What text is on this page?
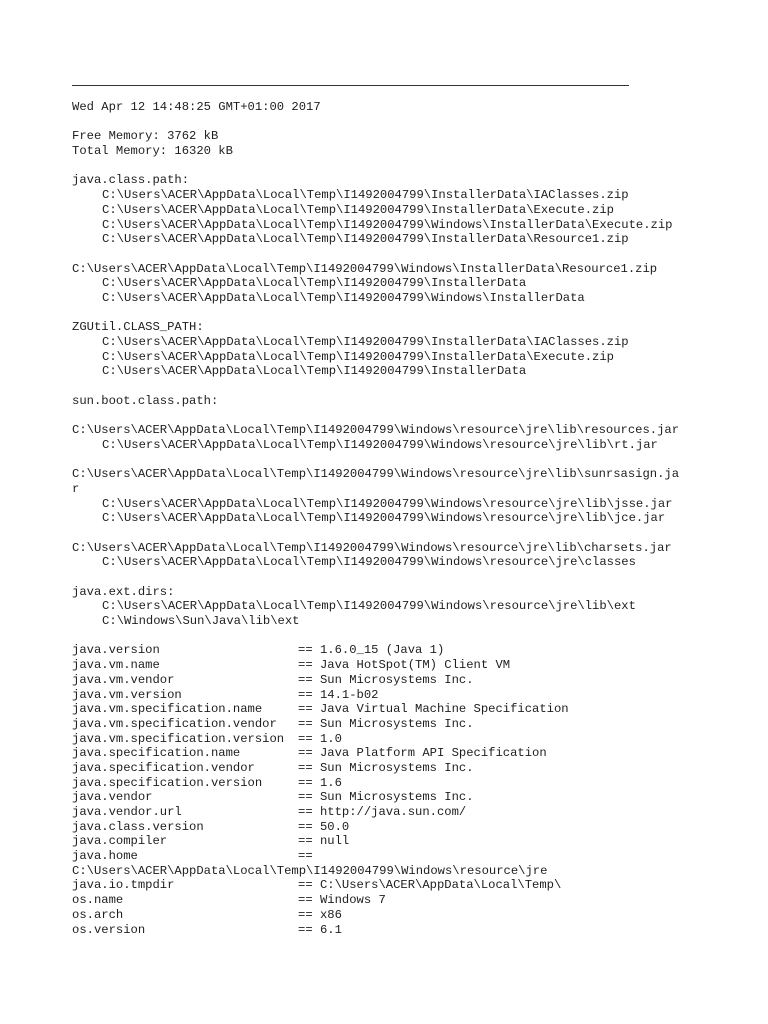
Wed Apr 12 14:48:25 GMT+01:00 2017
Free Memory: 3762 kB
Total Memory: 16320 kB
java.class.path:
C:\Users\ACER\AppData\Local\Temp\I1492004799\InstallerData\IAClasses.zip
C:\Users\ACER\AppData\Local\Temp\I1492004799\InstallerData\Execute.zip
C:\Users\ACER\AppData\Local\Temp\I1492004799\Windows\InstallerData\Execute.zip
C:\Users\ACER\AppData\Local\Temp\I1492004799\InstallerData\Resource1.zip
C:\Users\ACER\AppData\Local\Temp\I1492004799\Windows\InstallerData\Resource1.zip
C:\Users\ACER\AppData\Local\Temp\I1492004799\InstallerData
C:\Users\ACER\AppData\Local\Temp\I1492004799\Windows\InstallerData
ZGUtil.CLASS_PATH:
C:\Users\ACER\AppData\Local\Temp\I1492004799\InstallerData\IAClasses.zip
C:\Users\ACER\AppData\Local\Temp\I1492004799\InstallerData\Execute.zip
C:\Users\ACER\AppData\Local\Temp\I1492004799\InstallerData
sun.boot.class.path:
C:\Users\ACER\AppData\Local\Temp\I1492004799\Windows\resource\jre\lib\resources.jar
C:\Users\ACER\AppData\Local\Temp\I1492004799\Windows\resource\jre\lib\rt.jar
C:\Users\ACER\AppData\Local\Temp\I1492004799\Windows\resource\jre\lib\sunrsasign.ja
r
C:\Users\ACER\AppData\Local\Temp\I1492004799\Windows\resource\jre\lib\jsse.jar
C:\Users\ACER\AppData\Local\Temp\I1492004799\Windows\resource\jre\lib\jce.jar
C:\Users\ACER\AppData\Local\Temp\I1492004799\Windows\resource\jre\lib\charsets.jar
C:\Users\ACER\AppData\Local\Temp\I1492004799\Windows\resource\jre\classes
java.ext.dirs:
C:\Users\ACER\AppData\Local\Temp\I1492004799\Windows\resource\jre\lib\ext
C:\Windows\Sun\Java\lib\ext
java.version	== 1.6.0_15 (Java 1)
java.vm.name	== Java HotSpot(TM) Client VM
java.vm.vendor	== Sun Microsystems Inc.
java.vm.version	== 14.1-b02
java.vm.specification.name	== Java Virtual Machine Specification
java.vm.specification.vendor	== Sun Microsystems Inc.
java.vm.specification.version	== 1.0
java.specification.name	== Java Platform API Specification
java.specification.vendor	== Sun Microsystems Inc.
java.specification.version	== 1.6
java.vendor	== Sun Microsystems Inc.
java.vendor.url	== http://java.sun.com/
java.class.version	== 50.0
java.compiler	== null
java.home	==
C:\Users\ACER\AppData\Local\Temp\I1492004799\Windows\resource\jre
java.io.tmpdir	== C:\Users\ACER\AppData\Local\Temp\
os.name	== Windows 7
os.arch	== x86
os.version	== 6.1
